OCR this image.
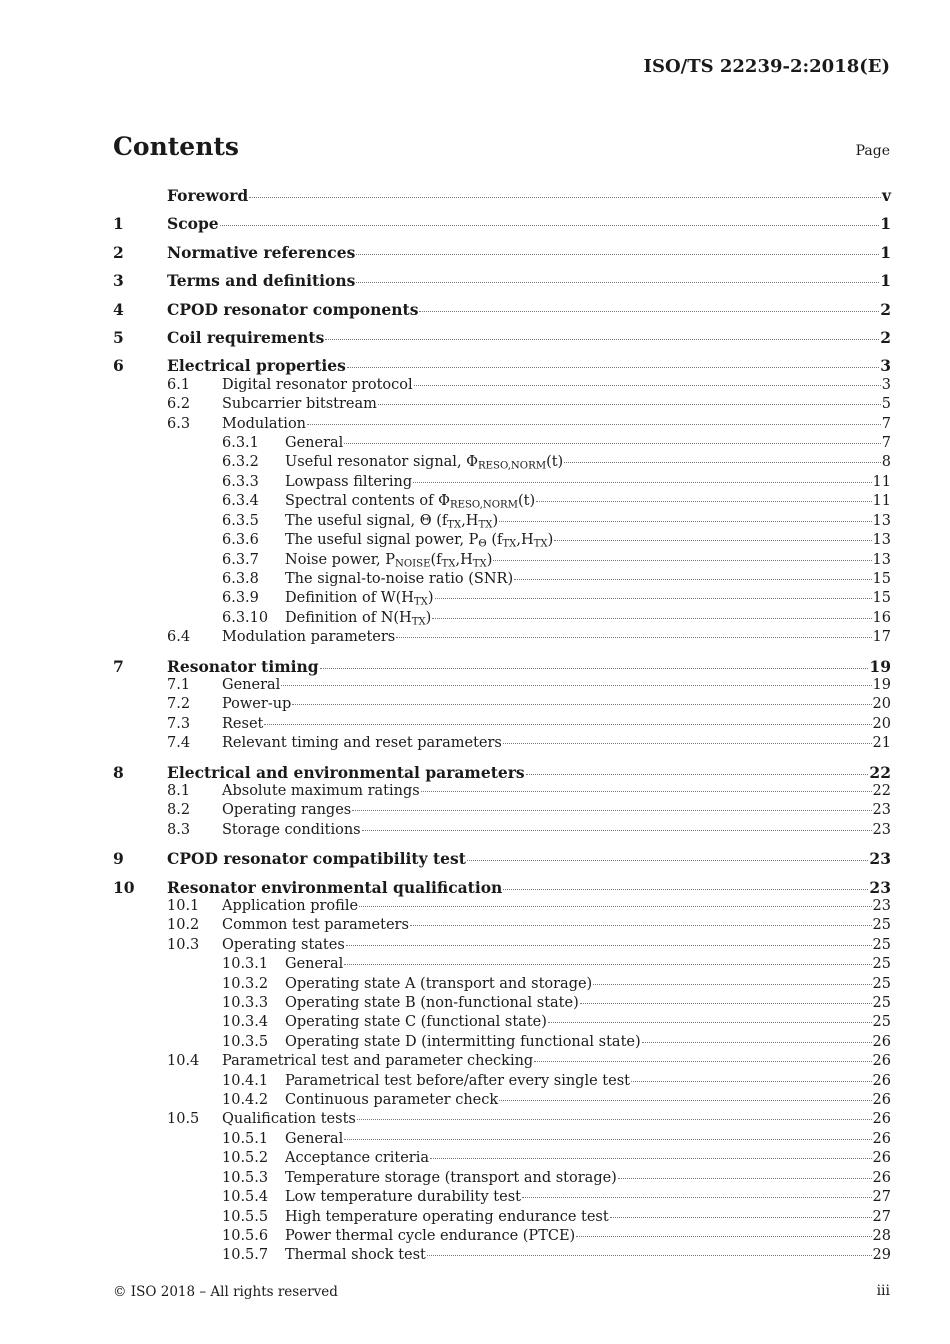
ISO/TS 22239-2:2018(E)
Contents	Page
Foreword	v
1	Scope	1
2	Normative references	1
3	Terms and definitions	1
4	CPOD resonator components	2
5	Coil requirements	2
6	Electrical properties	3
6.1	Digital resonator protocol	3
6.2	Subcarrier bitstream	5
6.3	Modulation	7
6.3.1	General	7
6.3.2	Useful resonator signal, $\Phi_{RESO,NORM}(t)$	8
6.3.3	Lowpass filtering	11
6.3.4	Spectral contents of $\Phi_{RESO,NORM}(t)$	11
6.3.5	The useful signal, Θ $(f_{TX},H_{TX})$	13
6.3.6	The useful signal power, $P_\Theta$ $(f_{TX},H_{TX})$	13
6.3.7	Noise power, $P_{NOISE}(f_{TX},H_{TX})$	13
6.3.8	The signal-to-noise ratio (SNR)	15
6.3.9	Definition of $W(H_{TX})$	15
6.3.10	Definition of $N(H_{TX})$	16
6.4	Modulation parameters	17
7	Resonator timing	19
7.1	General	19
7.2	Power-up	20
7.3	Reset	20
7.4	Relevant timing and reset parameters	21
8	Electrical and environmental parameters	22
8.1	Absolute maximum ratings	22
8.2	Operating ranges	23
8.3	Storage conditions	23
9	CPOD resonator compatibility test	23
10	Resonator environmental qualification	23
10.1	Application profile	23
10.2	Common test parameters	25
10.3	Operating states	25
10.3.1	General	25
10.3.2	Operating state A (transport and storage)	25
10.3.3	Operating state B (non-functional state)	25
10.3.4	Operating state C (functional state)	25
10.3.5	Operating state D (intermitting functional state)	26
10.4	Parametrical test and parameter checking	26
10.4.1	Parametrical test before/after every single test	26
10.4.2	Continuous parameter check	26
10.5	Qualification tests	26
10.5.1	General	26
10.5.2	Acceptance criteria	26
10.5.3	Temperature storage (transport and storage)	26
10.5.4	Low temperature durability test	27
10.5.5	High temperature operating endurance test	27
10.5.6	Power thermal cycle endurance (PTCE)	28
10.5.7	Thermal shock test	29
© ISO 2018 – All rights reserved	iii
